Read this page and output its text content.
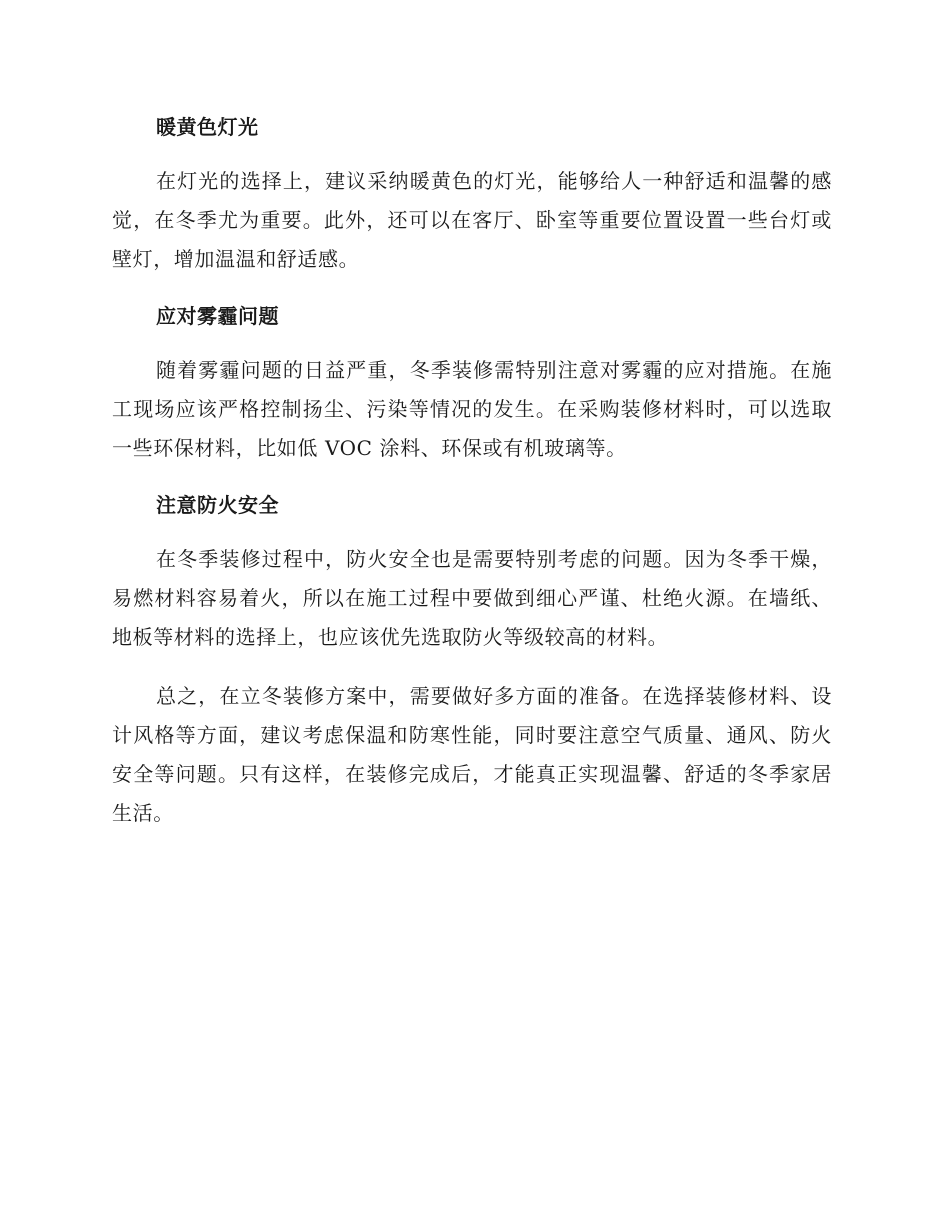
暖黄色灯光

在灯光的选择上，建议采纳暖黄色的灯光，能够给人一种舒适和温馨的感觉，在冬季尤为重要。此外，还可以在客厅、卧室等重要位置设置一些台灯或壁灯，增加温温和舒适感。

应对雾霾问题

随着雾霾问题的日益严重，冬季装修需特别注意对雾霾的应对措施。在施工现场应该严格控制扬尘、污染等情况的发生。在采购装修材料时，可以选取一些环保材料，比如低 VOC 涂料、环保或有机玻璃等。

注意防火安全

在冬季装修过程中，防火安全也是需要特别考虑的问题。因为冬季干燥，易燃材料容易着火，所以在施工过程中要做到细心严谨、杜绝火源。在墙纸、地板等材料的选择上，也应该优先选取防火等级较高的材料。

总之，在立冬装修方案中，需要做好多方面的准备。在选择装修材料、设计风格等方面，建议考虑保温和防寒性能，同时要注意空气质量、通风、防火安全等问题。只有这样，在装修完成后，才能真正实现温馨、舒适的冬季家居生活。
